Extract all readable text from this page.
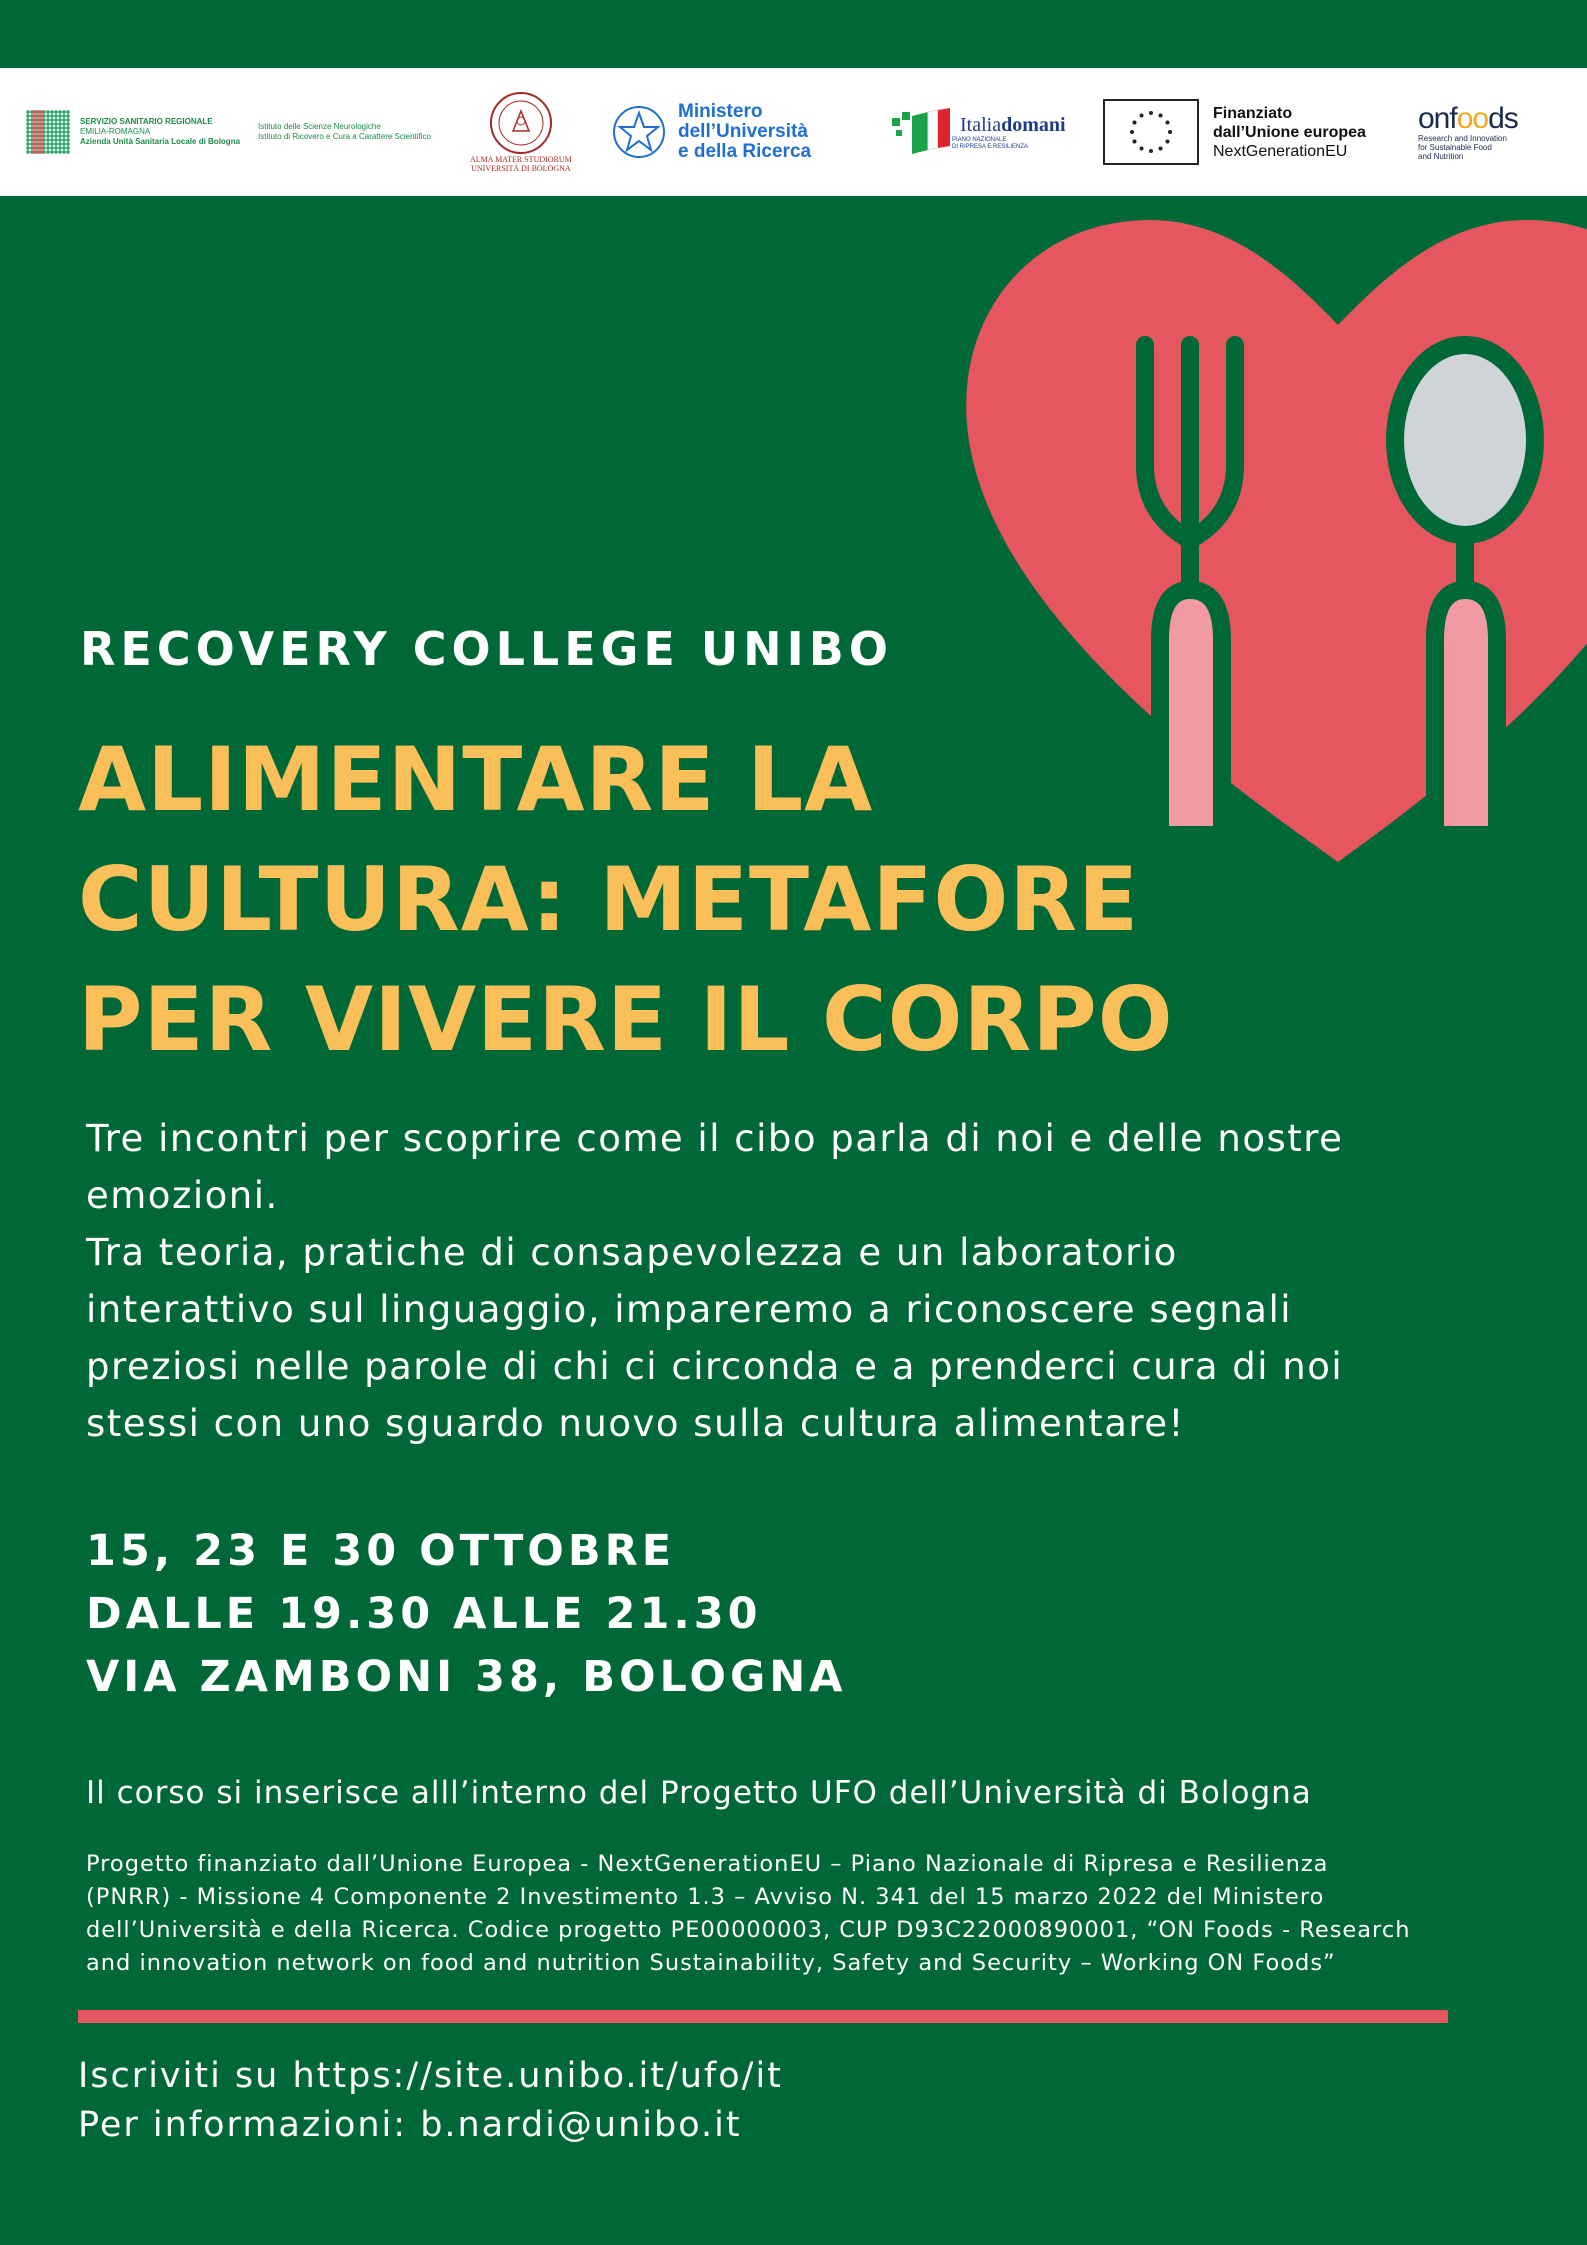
SERVIZIO SANITARIO REGIONALE
EMILIA-ROMAGNA
Azienda Unità Sanitaria Locale di Bologna
Istituto delle Scienze Neurologiche
Istituto di Ricovero e Cura a Carattere Scientifico
ALMA MATER STUDIORUM
UNIVERSITÀ DI BOLOGNA
Ministero
dell’Università
e della Ricerca
Italiadomani
PIANO NAZIONALE
DI RIPRESA E RESILIENZA
Finanziato
dall’Unione europea
NextGenerationEU
onfoods
Research and Innovation
for Sustainable Food
and Nutrition
RECOVERY COLLEGE UNIBO
ALIMENTARE LA
CULTURA: METAFORE
PER VIVERE IL CORPO
Tre incontri per scoprire come il cibo parla di noi e delle nostre
emozioni.
Tra teoria, pratiche di consapevolezza e un laboratorio
interattivo sul linguaggio, impareremo a riconoscere segnali
preziosi nelle parole di chi ci circonda e a prenderci cura di noi
stessi con uno sguardo nuovo sulla cultura alimentare!
15, 23 E 30 OTTOBRE
DALLE 19.30 ALLE 21.30
VIA ZAMBONI 38, BOLOGNA
Il corso si inserisce alll’interno del Progetto UFO dell’Università di Bologna
Progetto finanziato dall’Unione Europea - NextGenerationEU – Piano Nazionale di Ripresa e Resilienza
(PNRR) - Missione 4 Componente 2 Investimento 1.3 – Avviso N. 341 del 15 marzo 2022 del Ministero
dell’Università e della Ricerca. Codice progetto PE00000003, CUP D93C22000890001, “ON Foods - Research
and innovation network on food and nutrition Sustainability, Safety and Security – Working ON Foods”
Iscriviti su https://site.unibo.it/ufo/it
Per informazioni: b.nardi@unibo.it
